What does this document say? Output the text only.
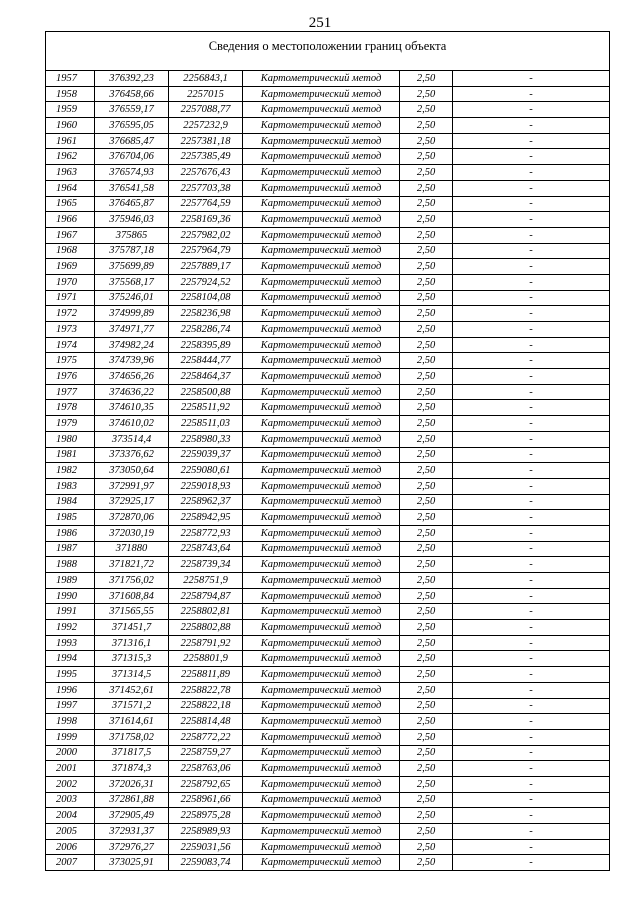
251
Сведения о местоположении границ объекта					
1957	376392,23	2256843,1	Картометрический метод	2,50	-
1958	376458,66	2257015	Картометрический метод	2,50	-
1959	376559,17	2257088,77	Картометрический метод	2,50	-
1960	376595,05	2257232,9	Картометрический метод	2,50	-
1961	376685,47	2257381,18	Картометрический метод	2,50	-
1962	376704,06	2257385,49	Картометрический метод	2,50	-
1963	376574,93	2257676,43	Картометрический метод	2,50	-
1964	376541,58	2257703,38	Картометрический метод	2,50	-
1965	376465,87	2257764,59	Картометрический метод	2,50	-
1966	375946,03	2258169,36	Картометрический метод	2,50	-
1967	375865	2257982,02	Картометрический метод	2,50	-
1968	375787,18	2257964,79	Картометрический метод	2,50	-
1969	375699,89	2257889,17	Картометрический метод	2,50	-
1970	375568,17	2257924,52	Картометрический метод	2,50	-
1971	375246,01	2258104,08	Картометрический метод	2,50	-
1972	374999,89	2258236,98	Картометрический метод	2,50	-
1973	374971,77	2258286,74	Картометрический метод	2,50	-
1974	374982,24	2258395,89	Картометрический метод	2,50	-
1975	374739,96	2258444,77	Картометрический метод	2,50	-
1976	374656,26	2258464,37	Картометрический метод	2,50	-
1977	374636,22	2258500,88	Картометрический метод	2,50	-
1978	374610,35	2258511,92	Картометрический метод	2,50	-
1979	374610,02	2258511,03	Картометрический метод	2,50	-
1980	373514,4	2258980,33	Картометрический метод	2,50	-
1981	373376,62	2259039,37	Картометрический метод	2,50	-
1982	373050,64	2259080,61	Картометрический метод	2,50	-
1983	372991,97	2259018,93	Картометрический метод	2,50	-
1984	372925,17	2258962,37	Картометрический метод	2,50	-
1985	372870,06	2258942,95	Картометрический метод	2,50	-
1986	372030,19	2258772,93	Картометрический метод	2,50	-
1987	371880	2258743,64	Картометрический метод	2,50	-
1988	371821,72	2258739,34	Картометрический метод	2,50	-
1989	371756,02	2258751,9	Картометрический метод	2,50	-
1990	371608,84	2258794,87	Картометрический метод	2,50	-
1991	371565,55	2258802,81	Картометрический метод	2,50	-
1992	371451,7	2258802,88	Картометрический метод	2,50	-
1993	371316,1	2258791,92	Картометрический метод	2,50	-
1994	371315,3	2258801,9	Картометрический метод	2,50	-
1995	371314,5	2258811,89	Картометрический метод	2,50	-
1996	371452,61	2258822,78	Картометрический метод	2,50	-
1997	371571,2	2258822,18	Картометрический метод	2,50	-
1998	371614,61	2258814,48	Картометрический метод	2,50	-
1999	371758,02	2258772,22	Картометрический метод	2,50	-
2000	371817,5	2258759,27	Картометрический метод	2,50	-
2001	371874,3	2258763,06	Картометрический метод	2,50	-
2002	372026,31	2258792,65	Картометрический метод	2,50	-
2003	372861,88	2258961,66	Картометрический метод	2,50	-
2004	372905,49	2258975,28	Картометрический метод	2,50	-
2005	372931,37	2258989,93	Картометрический метод	2,50	-
2006	372976,27	2259031,56	Картометрический метод	2,50	-
2007	373025,91	2259083,74	Картометрический метод	2,50	-
